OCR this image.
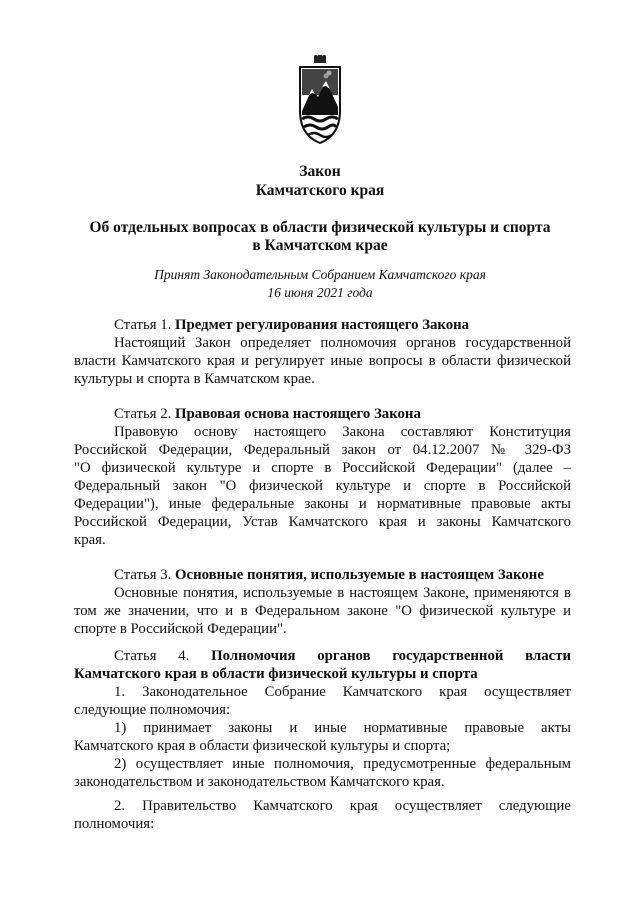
Закон
Камчатского края
Об отдельных вопросах в области физической культуры и спорта
в Камчатском крае
Принят Законодательным Собранием Камчатского края
16 июня 2021 года
Статья 1. Предмет регулирования настоящего Закона
Настоящий Закон определяет полномочия органов государственной
власти Камчатского края и регулирует иные вопросы в области физической
культуры и спорта в Камчатском крае.
Статья 2. Правовая основа настоящего Закона
Правовую основу настоящего Закона составляют Конституция
Российской Федерации, Федеральный закон от 04.12.2007 № 329-ФЗ
"О физической культуре и спорте в Российской Федерации" (далее –
Федеральный закон "О физической культуре и спорте в Российской
Федерации"), иные федеральные законы и нормативные правовые акты
Российской Федерации, Устав Камчатского края и законы Камчатского
края.
Статья 3. Основные понятия, используемые в настоящем Законе
Основные понятия, используемые в настоящем Законе, применяются в
том же значении, что и в Федеральном законе "О физической культуре и
спорте в Российской Федерации".
Статья 4. Полномочия органов государственной власти
Камчатского края в области физической культуры и спорта
1. Законодательное Собрание Камчатского края осуществляет
следующие полномочия:
1) принимает законы и иные нормативные правовые акты
Камчатского края в области физической культуры и спорта;
2) осуществляет иные полномочия, предусмотренные федеральным
законодательством и законодательством Камчатского края.
2. Правительство Камчатского края осуществляет следующие
полномочия:
